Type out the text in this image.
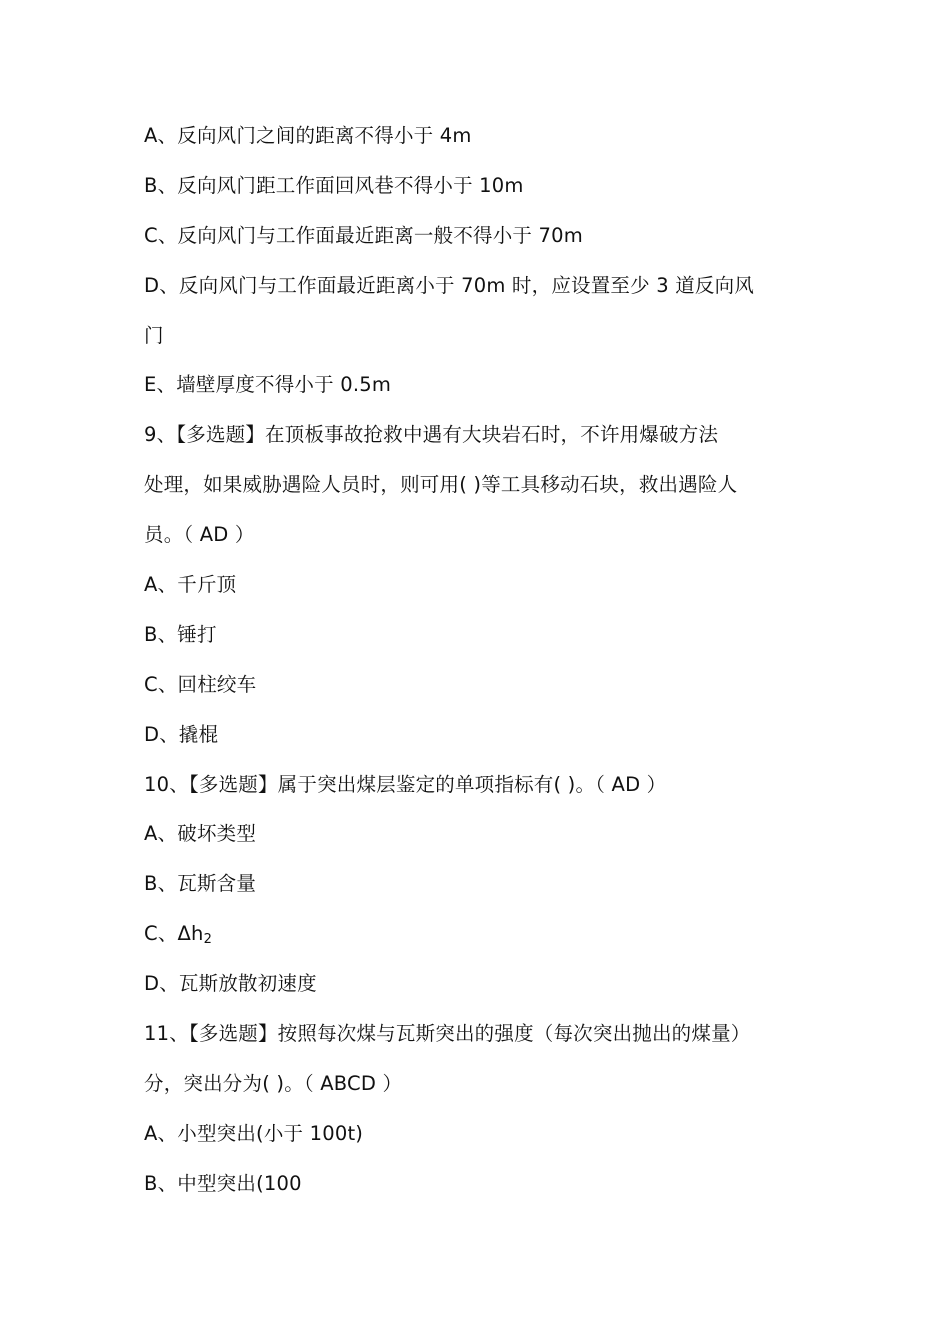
A、反向风门之间的距离不得小于 4m
B、反向风门距工作面回风巷不得小于 10m
C、反向风门与工作面最近距离一般不得小于 70m
D、反向风门与工作面最近距离小于 70m 时，应设置至少 3 道反向风
门
E、墙壁厚度不得小于 0.5m
9、【多选题】在顶板事故抢救中遇有大块岩石时，不许用爆破方法
处理，如果威胁遇险人员时，则可用( )等工具移动石块，救出遇险人
员。（ AD ）
A、千斤顶
B、锤打
C、回柱绞车
D、撬棍
10、【多选题】属于突出煤层鉴定的单项指标有( )。（ AD ）
A、破坏类型
B、瓦斯含量
C、$\Delta h_2$
D、瓦斯放散初速度
11、【多选题】按照每次煤与瓦斯突出的强度（每次突出抛出的煤量）
分，突出分为( )。（ ABCD ）
A、小型突出(小于 100t)
B、中型突出(100
